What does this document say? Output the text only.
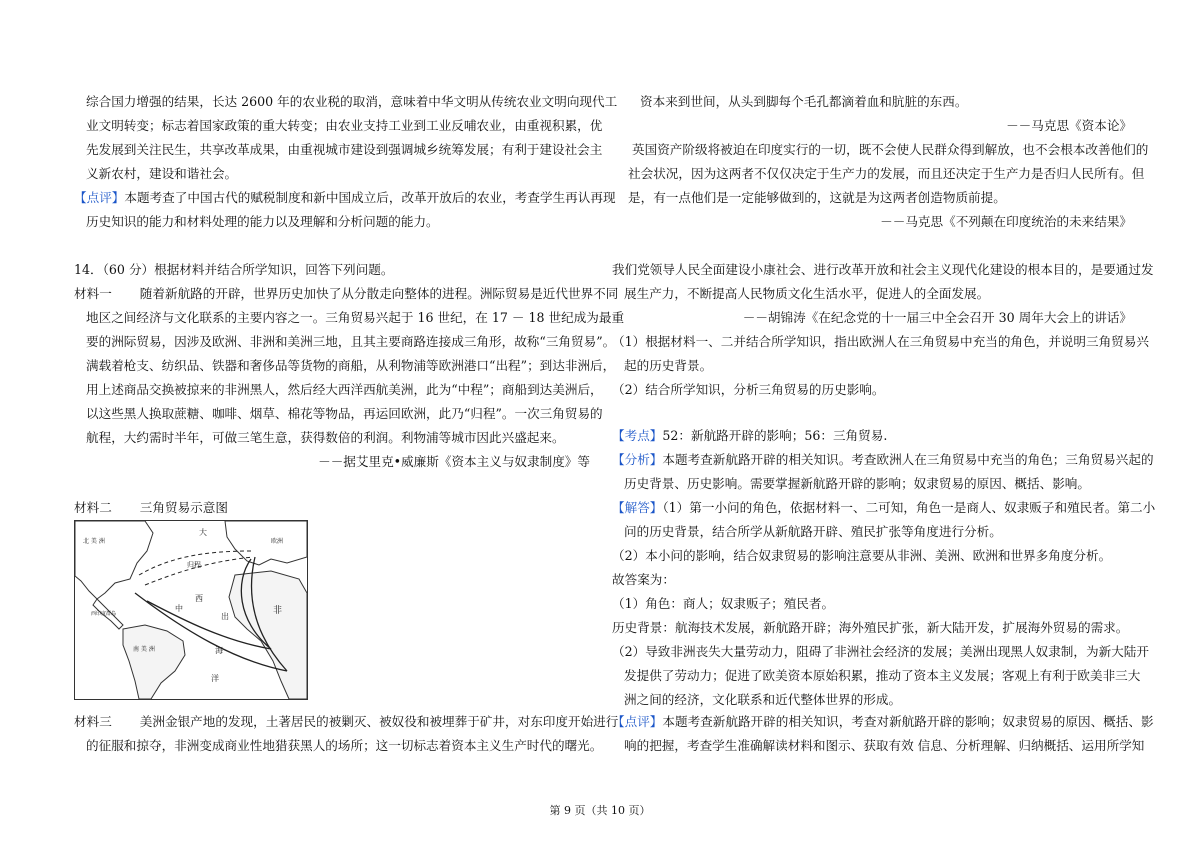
综合国力增强的结果，长达 2600 年的农业税的取消，意味着中华文明从传统农业文明向现代工
业文明转变；标志着国家政策的重大转变；由农业支持工业到工业反哺农业，由重视积累，优
先发展到关注民生，共享改革成果，由重视城市建设到强调城乡统筹发展；有利于建设社会主
义新农村，建设和谐社会。
【点评】本题考查了中国古代的赋税制度和新中国成立后，改革开放后的农业，考查学生再认再现
历史知识的能力和材料处理的能力以及理解和分析问题的能力。
14．（60 分）根据材料并结合所学知识，回答下列问题。
材料一 随着新航路的开辟，世界历史加快了从分散走向整体的进程。洲际贸易是近代世界不同
地区之间经济与文化联系的主要内容之一。三角贸易兴起于 16 世纪，在 17 － 18 世纪成为最重
要的洲际贸易，因涉及欧洲、非洲和美洲三地，且其主要商路连接成三角形，故称“三角贸易”。
满载着枪支、纺织品、铁器和奢侈品等货物的商船，从利物浦等欧洲港口“出程”；到达非洲后，
用上述商品交换被掠来的非洲黑人，然后经大西洋西航美洲，此为“中程”；商船到达美洲后，
以这些黑人换取蔗糖、咖啡、烟草、棉花等物品，再运回欧洲，此乃“归程”。一次三角贸易的
航程，大约需时半年，可做三笔生意，获得数倍的利润。利物浦等城市因此兴盛起来。
－－据艾里克•威廉斯《资本主义与奴隶制度》等
材料二 三角贸易示意图
材料三 美洲金银产地的发现，土著居民的被剿灭、被奴役和被埋葬于矿井，对东印度开始进行
的征服和掠夺，非洲变成商业性地猎获黑人的场所；这一切标志着资本主义生产时代的曙光。
北 美 洲
大
欧洲
归程
中
西
出
非
西印度群岛
南 美 洲
洋
海
资本来到世间，从头到脚每个毛孔都滴着血和肮脏的东西。
－－马克思《资本论》
英国资产阶级将被迫在印度实行的一切，既不会使人民群众得到解放，也不会根本改善他们的
社会状况，因为这两者不仅仅决定于生产力的发展，而且还决定于生产力是否归人民所有。但
是，有一点他们是一定能够做到的，这就是为这两者创造物质前提。
－－马克思《不列颠在印度统治的未来结果》
我们党领导人民全面建设小康社会、进行改革开放和社会主义现代化建设的根本目的，是要通过发
展生产力，不断提高人民物质文化生活水平，促进人的全面发展。
－－胡锦涛《在纪念党的十一届三中全会召开 30 周年大会上的讲话》
（1）根据材料一、二并结合所学知识，指出欧洲人在三角贸易中充当的角色，并说明三角贸易兴
起的历史背景。
（2）结合所学知识，分析三角贸易的历史影响。
【考点】52：新航路开辟的影响；56：三角贸易.
【分析】本题考查新航路开辟的相关知识。考查欧洲人在三角贸易中充当的角色；三角贸易兴起的
历史背景、历史影响。需要掌握新航路开辟的影响；奴隶贸易的原因、概括、影响。
【解答】（1）第一小问的角色，依据材料一、二可知，角色一是商人、奴隶贩子和殖民者。第二小
问的历史背景，结合所学从新航路开辟、殖民扩张等角度进行分析。
（2）本小问的影响，结合奴隶贸易的影响注意要从非洲、美洲、欧洲和世界多角度分析。
故答案为：
（1）角色：商人；奴隶贩子；殖民者。
历史背景：航海技术发展，新航路开辟；海外殖民扩张，新大陆开发，扩展海外贸易的需求。
（2）导致非洲丧失大量劳动力，阻碍了非洲社会经济的发展；美洲出现黑人奴隶制，为新大陆开
发提供了劳动力；促进了欧美资本原始积累，推动了资本主义发展；客观上有利于欧美非三大
洲之间的经济，文化联系和近代整体世界的形成。
【点评】本题考查新航路开辟的相关知识，考查对新航路开辟的影响；奴隶贸易的原因、概括、影
响的把握，考查学生准确解读材料和图示、获取有效 信息、分析理解、归纳概括、运用所学知
第 9 页（共 10 页）
